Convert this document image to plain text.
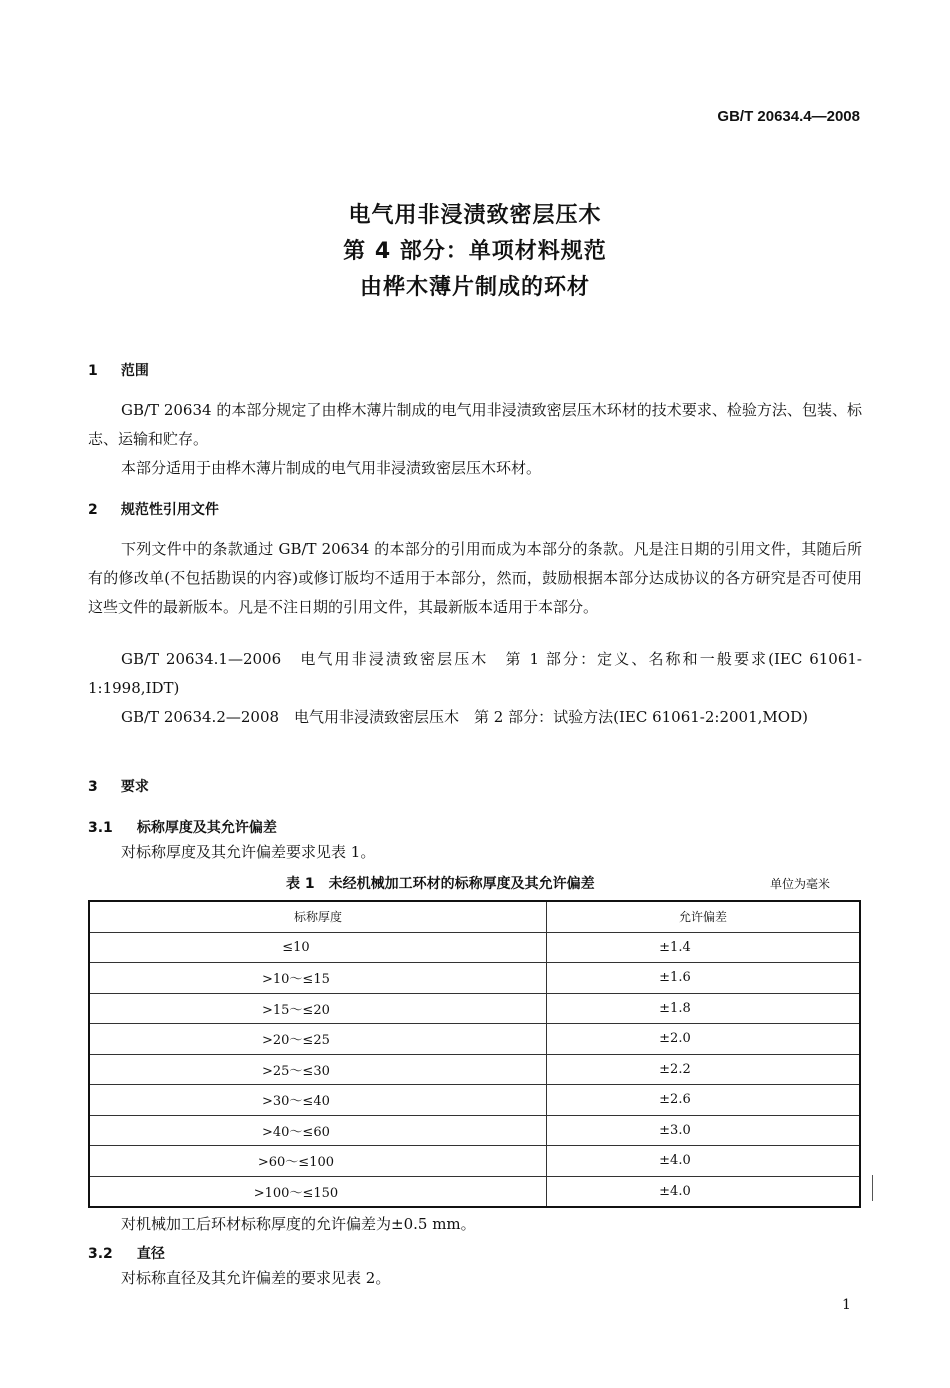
GB/T 20634.4—2008
电气用非浸渍致密层压木
第 4 部分：单项材料规范
由桦木薄片制成的环材
1 范围
GB/T 20634 的本部分规定了由桦木薄片制成的电气用非浸渍致密层压木环材的技术要求、检验方法、包装、标志、运输和贮存。
本部分适用于由桦木薄片制成的电气用非浸渍致密层压木环材。
2 规范性引用文件
下列文件中的条款通过 GB/T 20634 的本部分的引用而成为本部分的条款。凡是注日期的引用文件，其随后所有的修改单(不包括勘误的内容)或修订版均不适用于本部分，然而，鼓励根据本部分达成协议的各方研究是否可使用这些文件的最新版本。凡是不注日期的引用文件，其最新版本适用于本部分。
GB/T 20634.1—2006　电气用非浸渍致密层压木　第 1 部分：定义、名称和一般要求(IEC 61061-1:1998,IDT)
GB/T 20634.2—2008　电气用非浸渍致密层压木　第 2 部分：试验方法(IEC 61061-2:2001,MOD)
3 要求
3.1 标称厚度及其允许偏差
对标称厚度及其允许偏差要求见表 1。
表 1 未经机械加工环材的标称厚度及其允许偏差	单位为毫米
标称厚度	允许偏差
≤10	±1.4
>10～≤15	±1.6
>15～≤20	±1.8
>20～≤25	±2.0
>25～≤30	±2.2
>30～≤40	±2.6
>40～≤60	±3.0
>60～≤100	±4.0
>100～≤150	±4.0
对机械加工后环材标称厚度的允许偏差为±0.5 mm。
3.2 直径
对标称直径及其允许偏差的要求见表 2。
1
